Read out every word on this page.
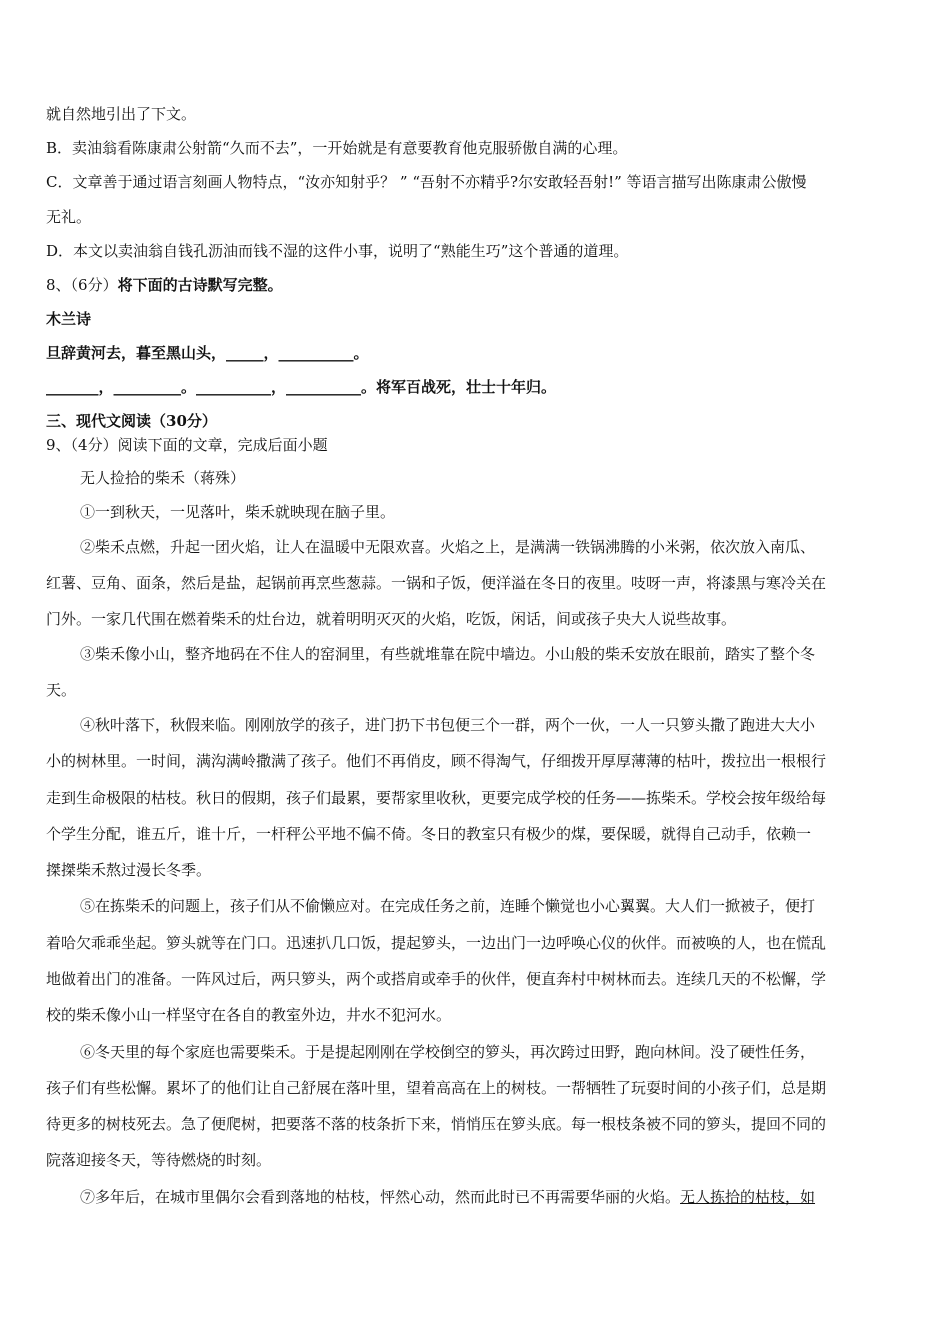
就自然地引出了下文。
B．卖油翁看陈康肃公射箭“久而不去”，一开始就是有意要教育他克服骄傲自满的心理。
C．文章善于通过语言刻画人物特点，“汝亦知射乎？ ” “吾射不亦精乎?尔安敢轻吾射!” 等语言描写出陈康肃公傲慢
无礼。
D．本文以卖油翁自钱孔沥油而钱不湿的这件小事，说明了“熟能生巧”这个普通的道理。
8、（6分）将下面的古诗默写完整。
木兰诗
旦辞黄河去，暮至黑山头，_____，__________。
_______，_________。__________，__________。将军百战死，壮士十年归。
三、现代文阅读（30分）
9、（4分）阅读下面的文章，完成后面小题
无人捡拾的柴禾（蒋殊）
①一到秋天，一见落叶，柴禾就映现在脑子里。
②柴禾点燃，升起一团火焰，让人在温暖中无限欢喜。火焰之上，是满满一铁锅沸腾的小米粥，依次放入南瓜、
红薯、豆角、面条，然后是盐，起锅前再烹些葱蒜。一锅和子饭，便洋溢在冬日的夜里。吱呀一声，将漆黑与寒冷关在
门外。一家几代围在燃着柴禾的灶台边，就着明明灭灭的火焰，吃饭，闲话，间或孩子央大人说些故事。
③柴禾像小山，整齐地码在不住人的窑洞里，有些就堆靠在院中墙边。小山般的柴禾安放在眼前，踏实了整个冬
天。
④秋叶落下，秋假来临。刚刚放学的孩子，进门扔下书包便三个一群，两个一伙，一人一只箩头撒了跑进大大小
小的树林里。一时间，满沟满岭撒满了孩子。他们不再俏皮，顾不得淘气，仔细拨开厚厚薄薄的枯叶，拨拉出一根根行
走到生命极限的枯枝。秋日的假期，孩子们最累，要帮家里收秋，更要完成学校的任务——拣柴禾。学校会按年级给每
个学生分配，谁五斤，谁十斤，一杆秤公平地不偏不倚。冬日的教室只有极少的煤，要保暖，就得自己动手，依赖一
搩搩柴禾熬过漫长冬季。
⑤在拣柴禾的问题上，孩子们从不偷懒应对。在完成任务之前，连睡个懒觉也小心翼翼。大人们一掀被子，便打
着哈欠乖乖坐起。箩头就等在门口。迅速扒几口饭，提起箩头，一边出门一边呼唤心仪的伙伴。而被唤的人，也在慌乱
地做着出门的准备。一阵风过后，两只箩头，两个或搭肩或牵手的伙伴，便直奔村中树林而去。连续几天的不松懈，学
校的柴禾像小山一样坚守在各自的教室外边，井水不犯河水。
⑥冬天里的每个家庭也需要柴禾。于是提起刚刚在学校倒空的箩头，再次跨过田野，跑向林间。没了硬性任务，
孩子们有些松懈。累坏了的他们让自己舒展在落叶里，望着高高在上的树枝。一帮牺牲了玩耍时间的小孩子们，总是期
待更多的树枝死去。急了便爬树，把要落不落的枝条折下来，悄悄压在箩头底。每一根枝条被不同的箩头，提回不同的
院落迎接冬天，等待燃烧的时刻。
⑦多年后，在城市里偶尔会看到落地的枯枝，怦然心动，然而此时已不再需要华丽的火焰。无人拣拾的枯枝，如
